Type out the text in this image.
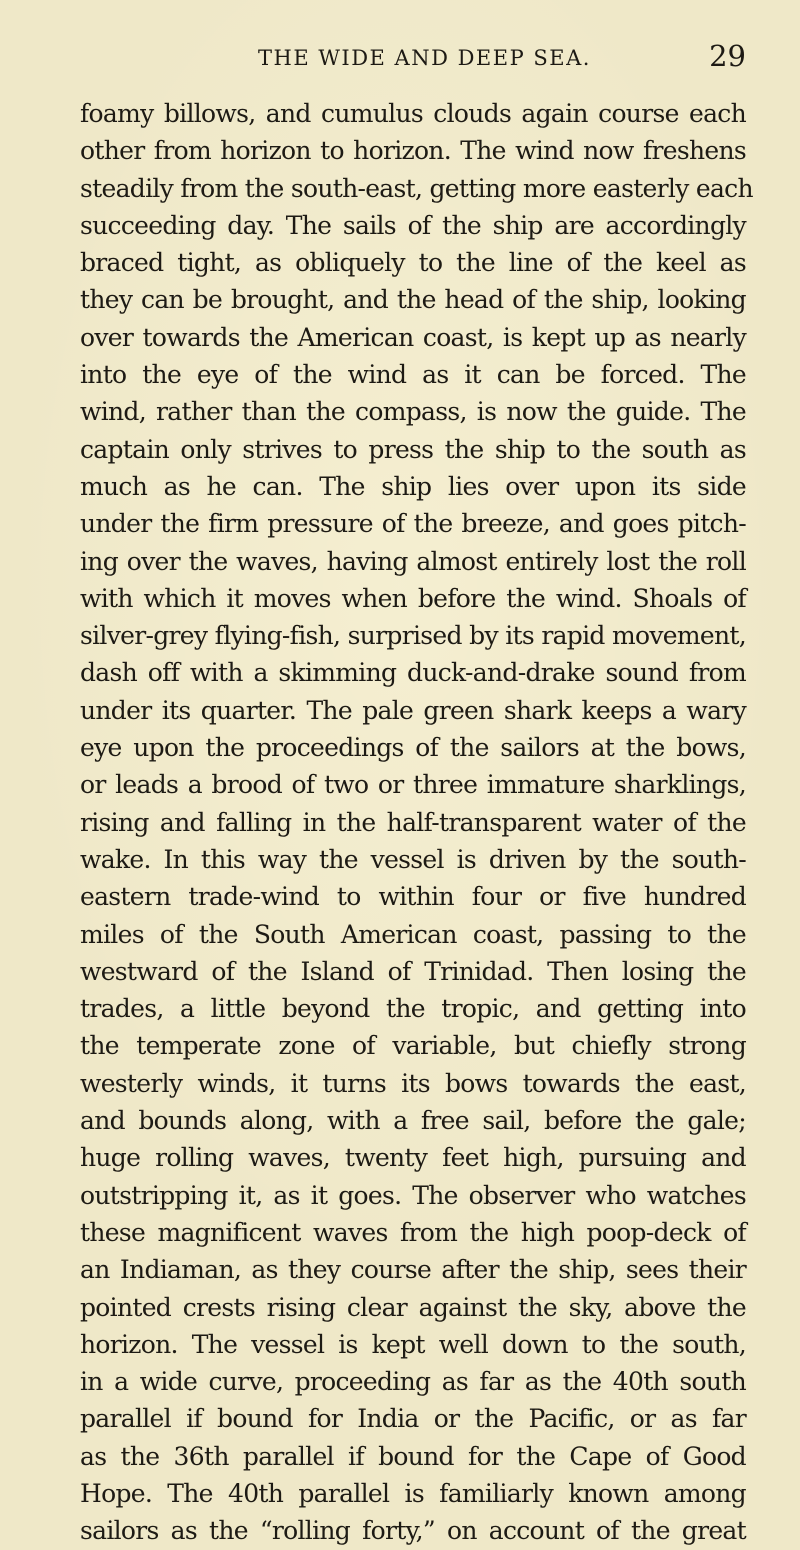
THE WIDE AND DEEP SEA.	29
foamy billows, and cumulus clouds again course each
other from horizon to horizon. The wind now freshens
steadily from the south-east, getting more easterly each
succeeding day. The sails of the ship are accordingly
braced tight, as obliquely to the line of the keel as
they can be brought, and the head of the ship, looking
over towards the American coast, is kept up as nearly
into the eye of the wind as it can be forced. The
wind, rather than the compass, is now the guide. The
captain only strives to press the ship to the south as
much as he can. The ship lies over upon its side
under the firm pressure of the breeze, and goes pitch-
ing over the waves, having almost entirely lost the roll
with which it moves when before the wind. Shoals of
silver-grey flying-fish, surprised by its rapid movement,
dash off with a skimming duck-and-drake sound from
under its quarter. The pale green shark keeps a wary
eye upon the proceedings of the sailors at the bows,
or leads a brood of two or three immature sharklings,
rising and falling in the half-transparent water of the
wake. In this way the vessel is driven by the south-
eastern trade-wind to within four or five hundred
miles of the South American coast, passing to the
westward of the Island of Trinidad. Then losing the
trades, a little beyond the tropic, and getting into
the temperate zone of variable, but chiefly strong
westerly winds, it turns its bows towards the east,
and bounds along, with a free sail, before the gale;
huge rolling waves, twenty feet high, pursuing and
outstripping it, as it goes. The observer who watches
these magnificent waves from the high poop-deck of
an Indiaman, as they course after the ship, sees their
pointed crests rising clear against the sky, above the
horizon. The vessel is kept well down to the south,
in a wide curve, proceeding as far as the 40th south
parallel if bound for India or the Pacific, or as far
as the 36th parallel if bound for the Cape of Good
Hope. The 40th parallel is familiarly known among
sailors as the “rolling forty,” on account of the great
